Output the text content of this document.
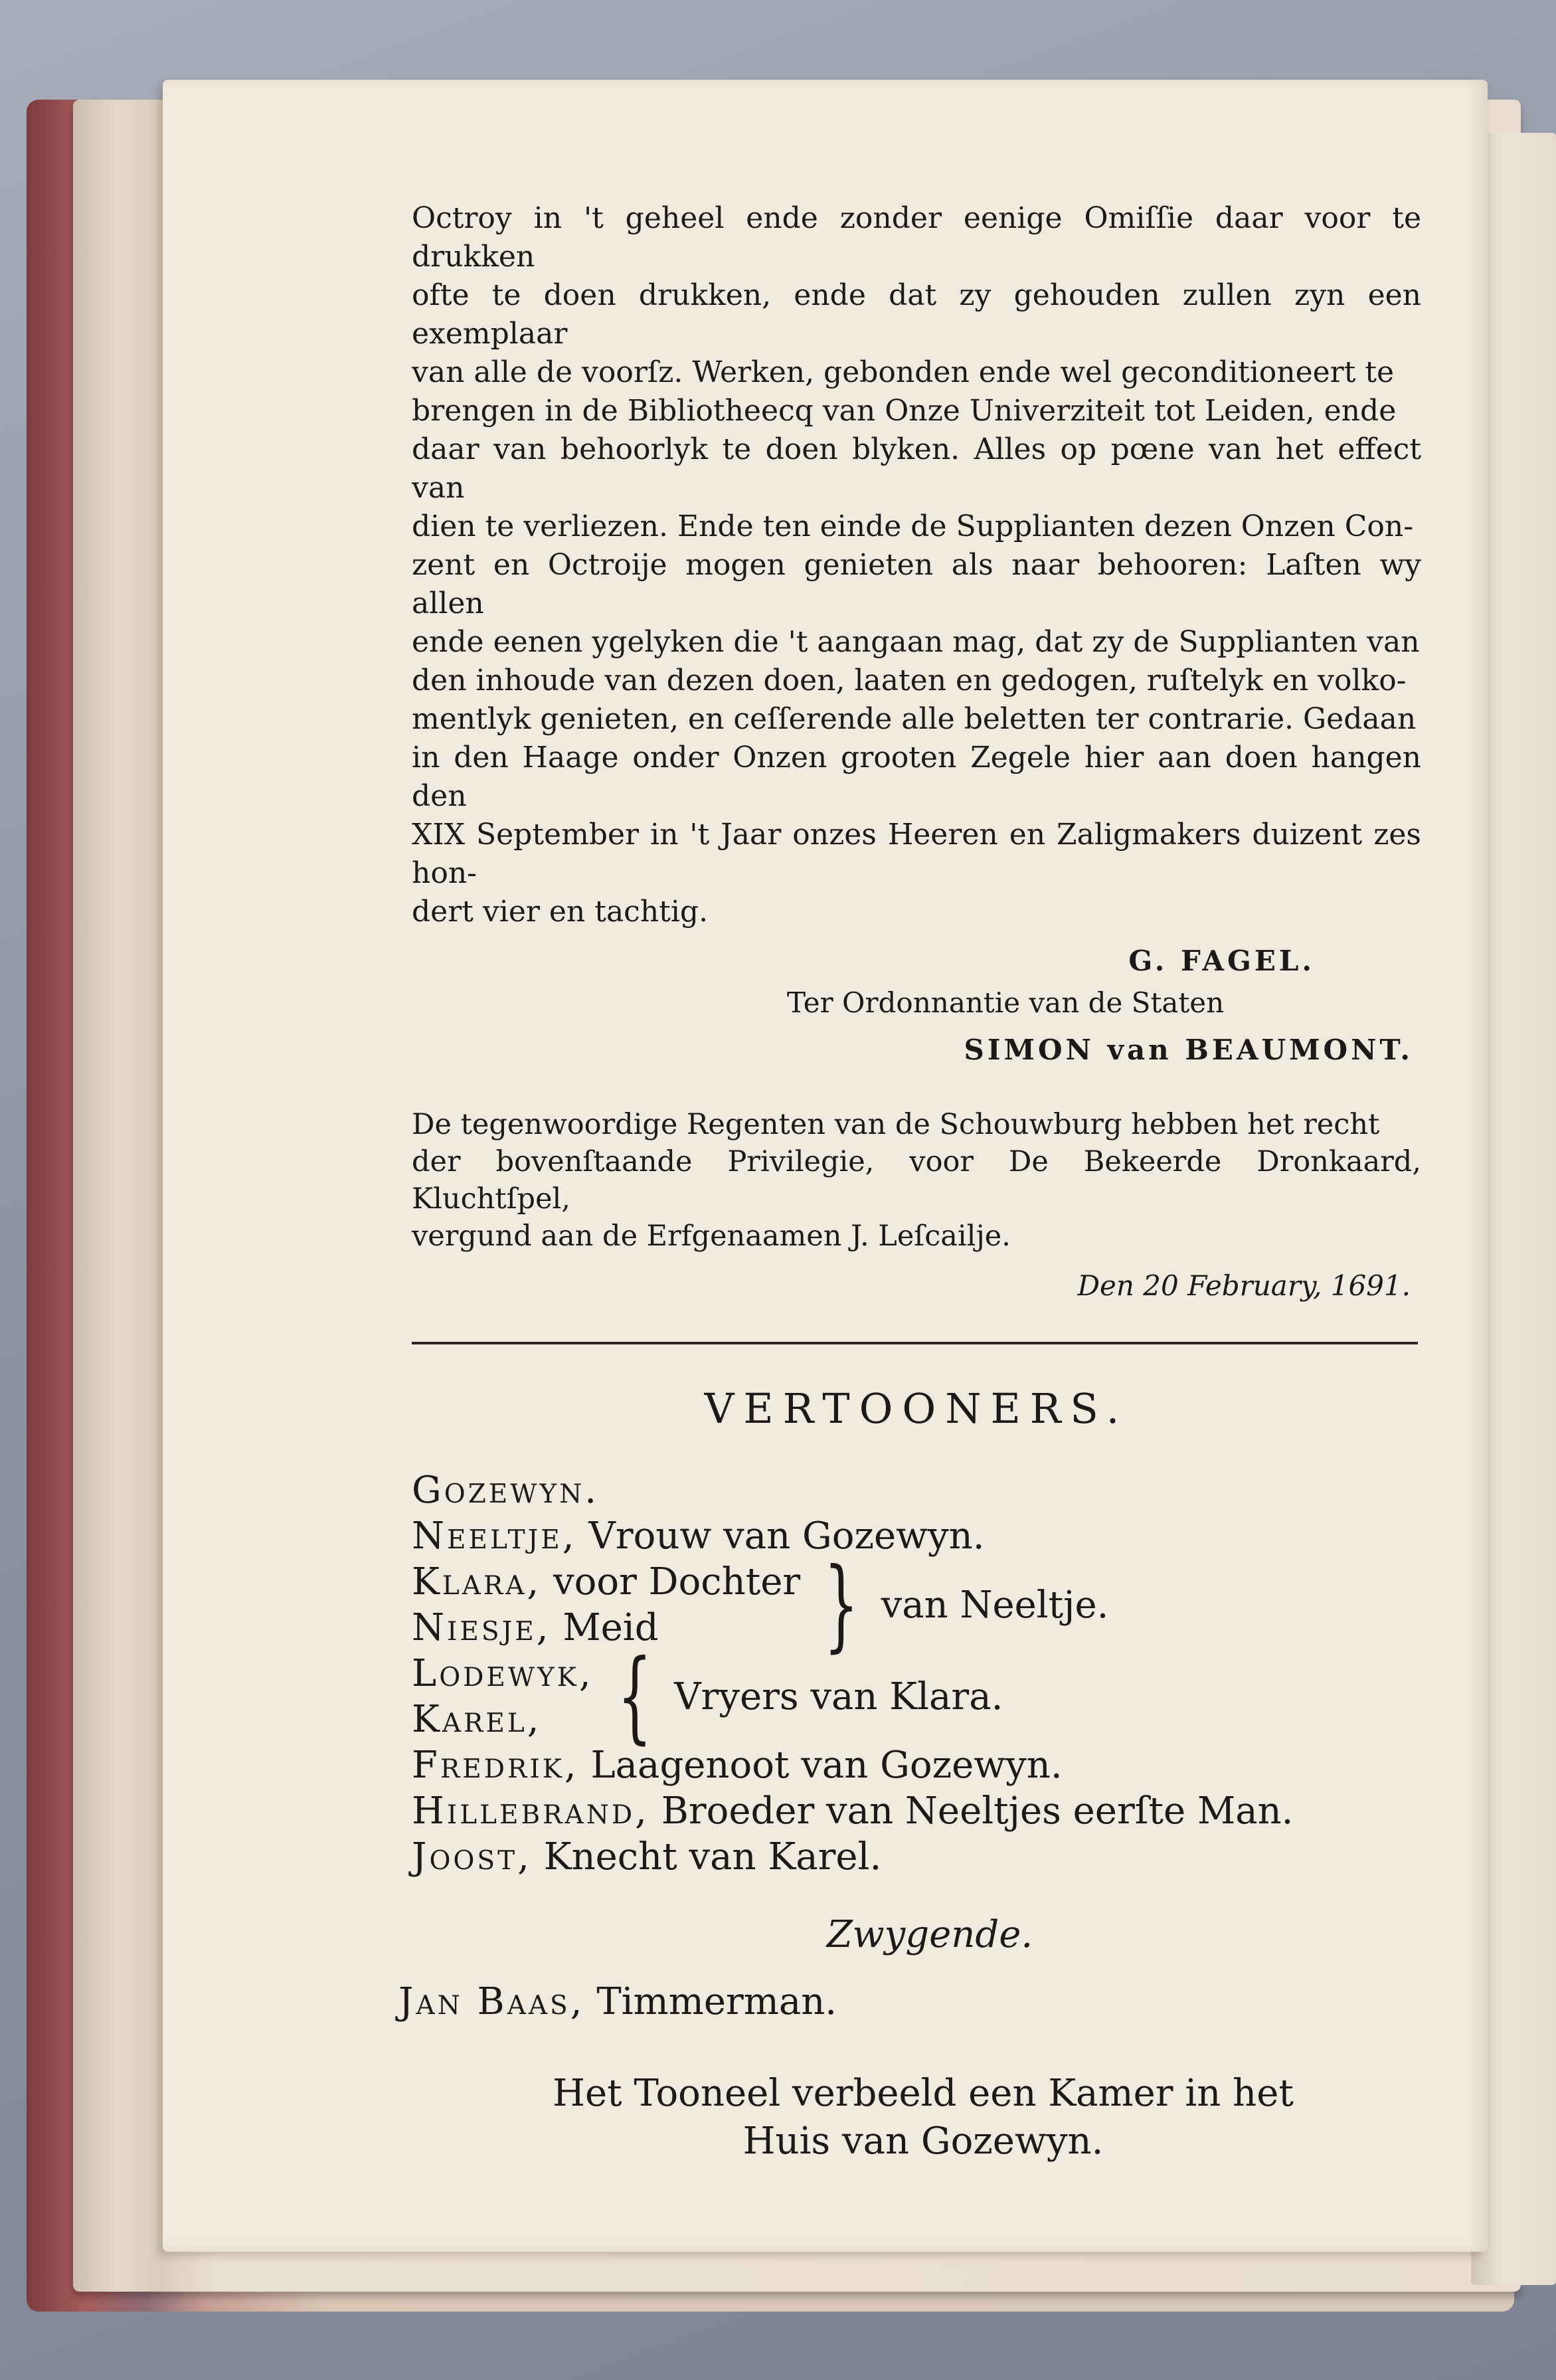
Octroy in 't geheel ende zonder eenige Omiſſie daar voor te drukken
ofte te doen drukken, ende dat zy gehouden zullen zyn een exemplaar
van alle de voorſz. Werken, gebonden ende wel geconditioneert te
brengen in de Bibliotheecq van Onze Univerziteit tot Leiden, ende
daar van behoorlyk te doen blyken. Alles op pœne van het effect van
dien te verliezen. Ende ten einde de Supplianten dezen Onzen Con-
zent en Octroije mogen genieten als naar behooren: Laſten wy allen
ende eenen ygelyken die 't aangaan mag, dat zy de Supplianten van
den inhoude van dezen doen, laaten en gedogen, ruſtelyk en volko-
mentlyk genieten, en ceſſerende alle beletten ter contrarie. Gedaan
in den Haage onder Onzen grooten Zegele hier aan doen hangen den
XIX September in 't Jaar onzes Heeren en Zaligmakers duizent zes hon-
dert vier en tachtig.

G. FAGEL.

Ter Ordonnantie van de Staten

SIMON van BEAUMONT.

De tegenwoordige Regenten van de Schouwburg hebben het recht
der bovenſtaande Privilegie, voor De Bekeerde Dronkaard, Kluchtſpel,
vergund aan de Erfgenaamen J. Leſcailje.

Den 20 February, 1691.

VERTOONERS.

Gozewyn.
Neeltje, Vrouw van Gozewyn.
Klara, voor Dochter
Niesje, Meid	} van Neeltje.
Lodewyk,
Karel, { Vryers van Klara.
Fredrik, Laagenoot van Gozewyn.
Hillebrand, Broeder van Neeltjes eerſte Man.
Joost, Knecht van Karel.

Zwygende.

Jan Baas, Timmerman.

Het Tooneel verbeeld een Kamer in het
Huis van Gozewyn.
